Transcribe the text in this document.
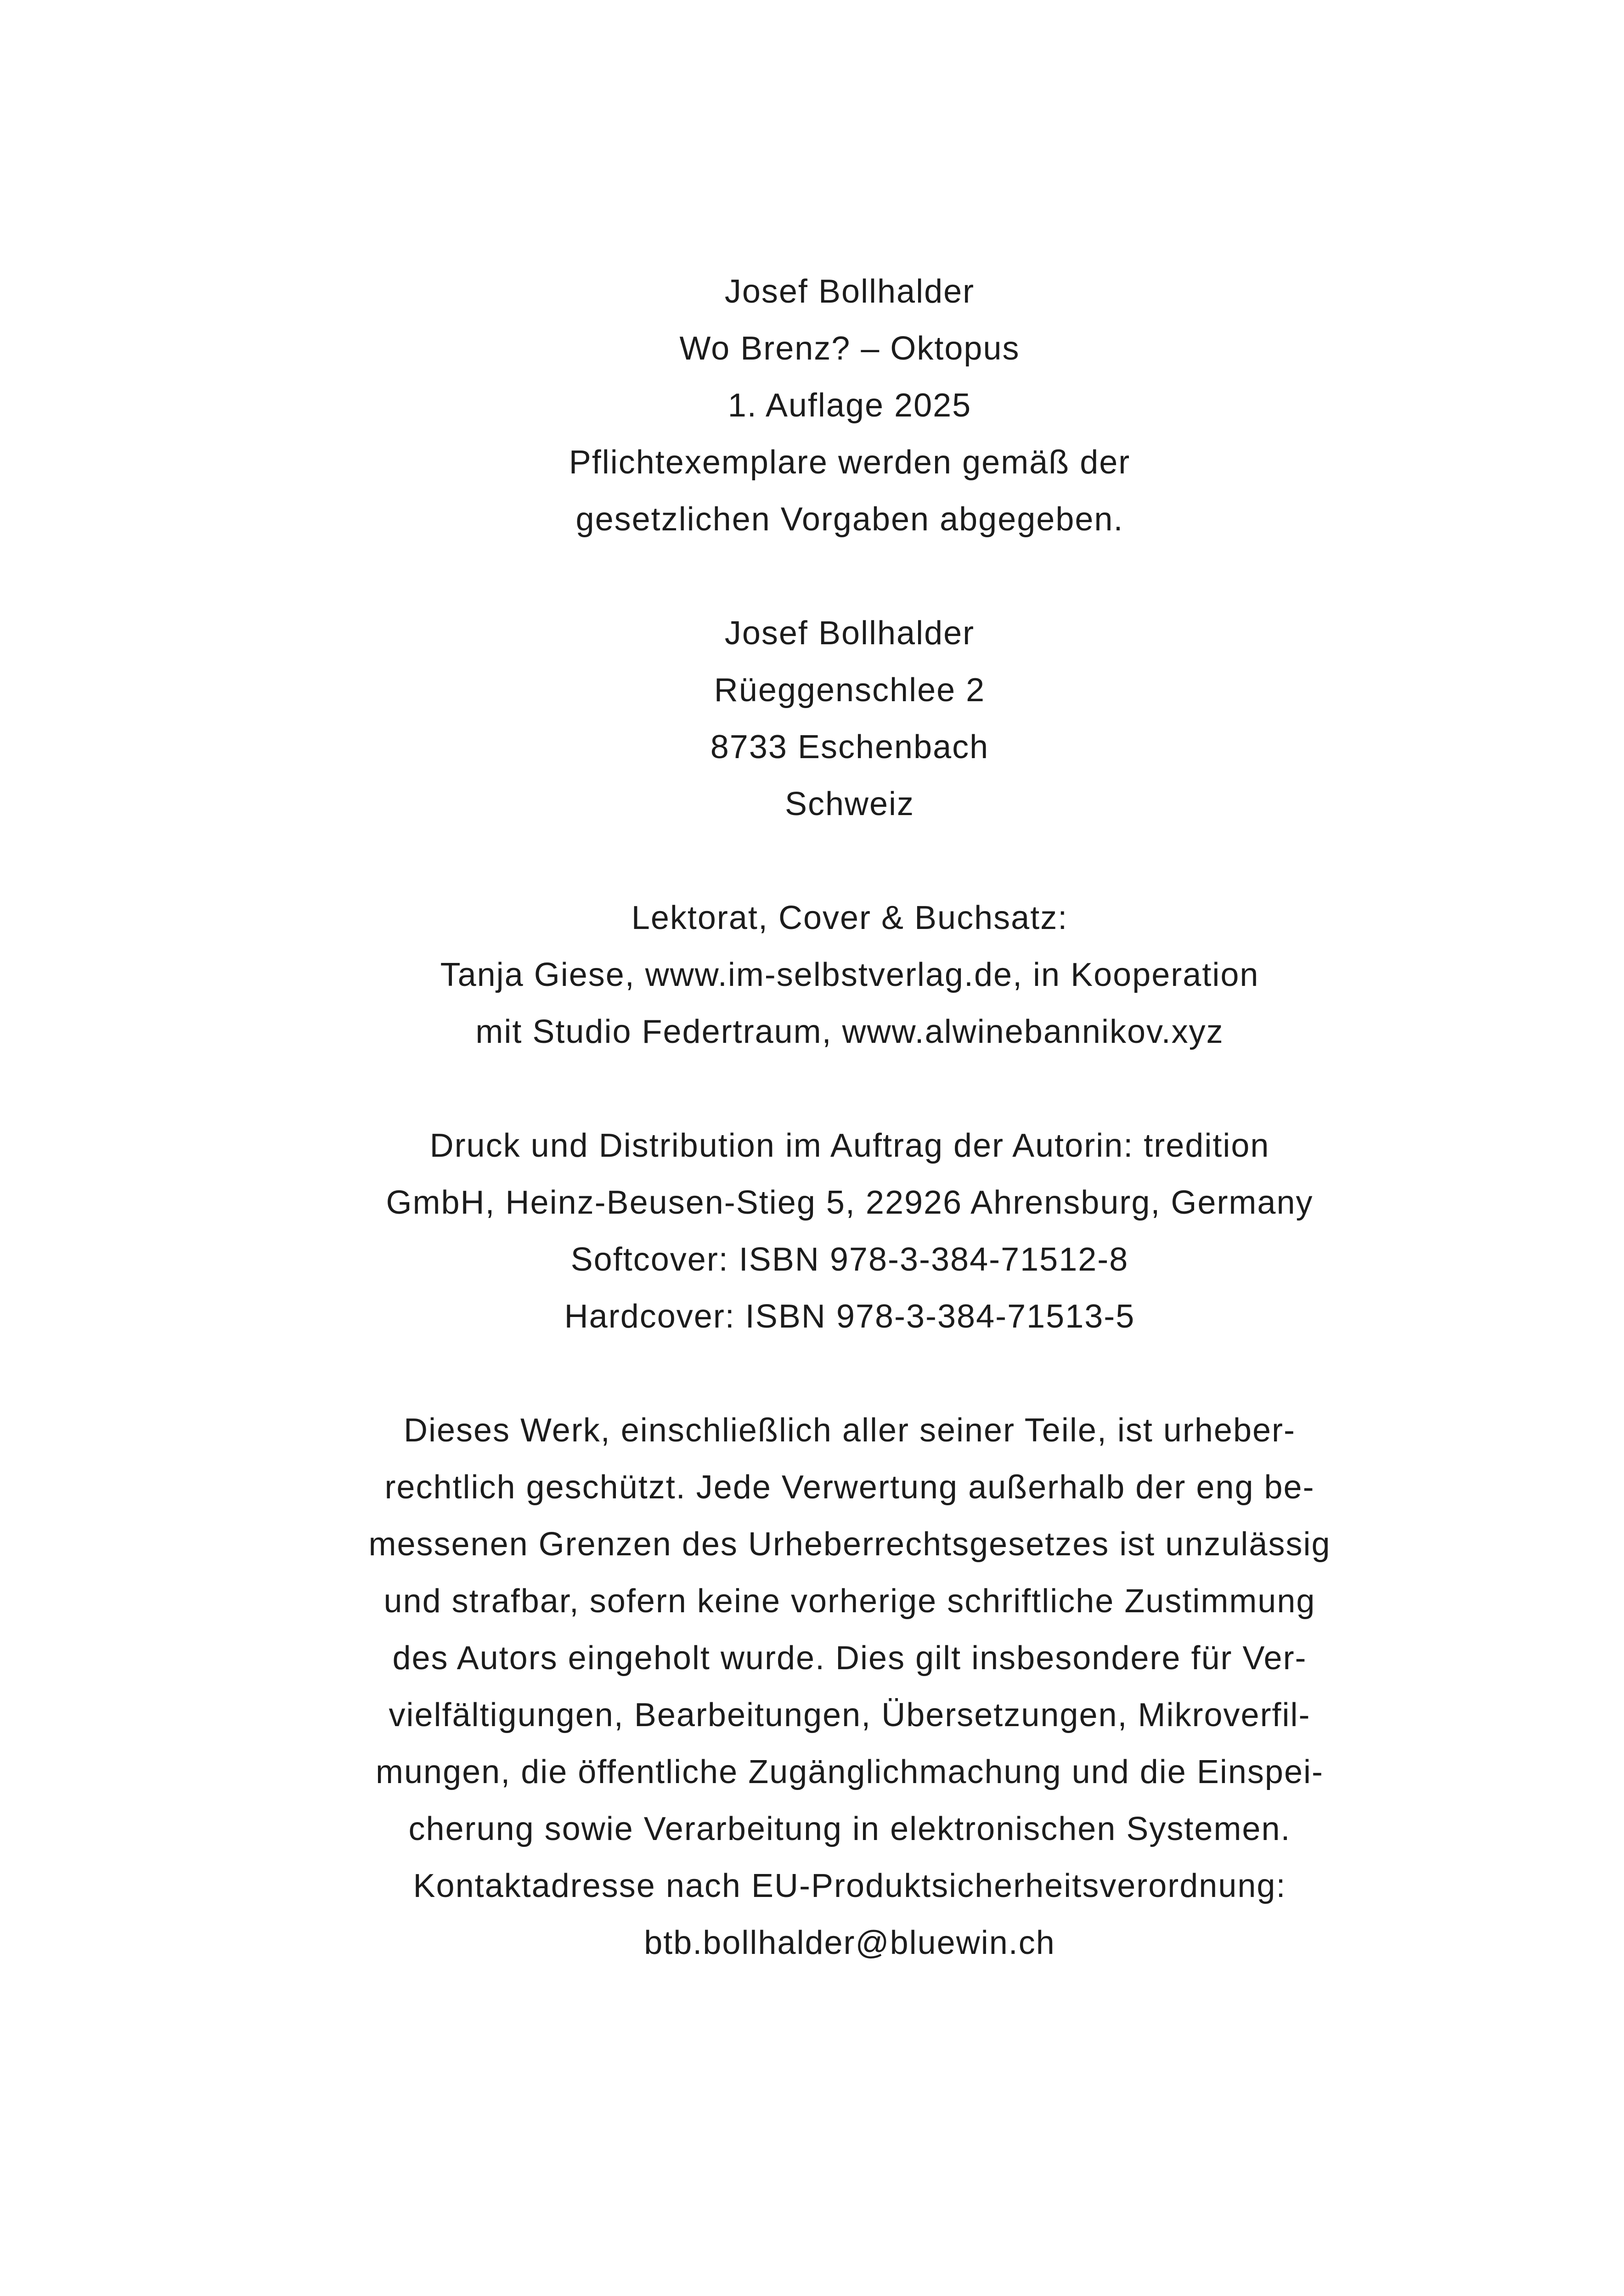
Josef Bollhalder
Wo Brenz? – Oktopus
1. Auflage 2025
Pflichtexemplare werden gemäß der
gesetzlichen Vorgaben abgegeben.
Josef Bollhalder
Rüeggenschlee 2
8733 Eschenbach
Schweiz
Lektorat, Cover & Buchsatz:
Tanja Giese, www.im-selbstverlag.de, in Kooperation
mit Studio Federtraum, www.alwinebannikov.xyz
Druck und Distribution im Auftrag der Autorin: tredition
GmbH, Heinz-Beusen-Stieg 5, 22926 Ahrensburg, Germany
Softcover: ISBN 978-3-384-71512-8
Hardcover: ISBN 978-3-384-71513-5
Dieses Werk, einschließlich aller seiner Teile, ist urheber-
rechtlich geschützt. Jede Verwertung außerhalb der eng be-
messenen Grenzen des Urheberrechtsgesetzes ist unzulässig
und strafbar, sofern keine vorherige schriftliche Zustimmung
des Autors eingeholt wurde. Dies gilt insbesondere für Ver-
vielfältigungen, Bearbeitungen, Übersetzungen, Mikroverfil-
mungen, die öffentliche Zugänglichmachung und die Einspei-
cherung sowie Verarbeitung in elektronischen Systemen.
Kontaktadresse nach EU-Produktsicherheitsverordnung:
btb.bollhalder@bluewin.ch
